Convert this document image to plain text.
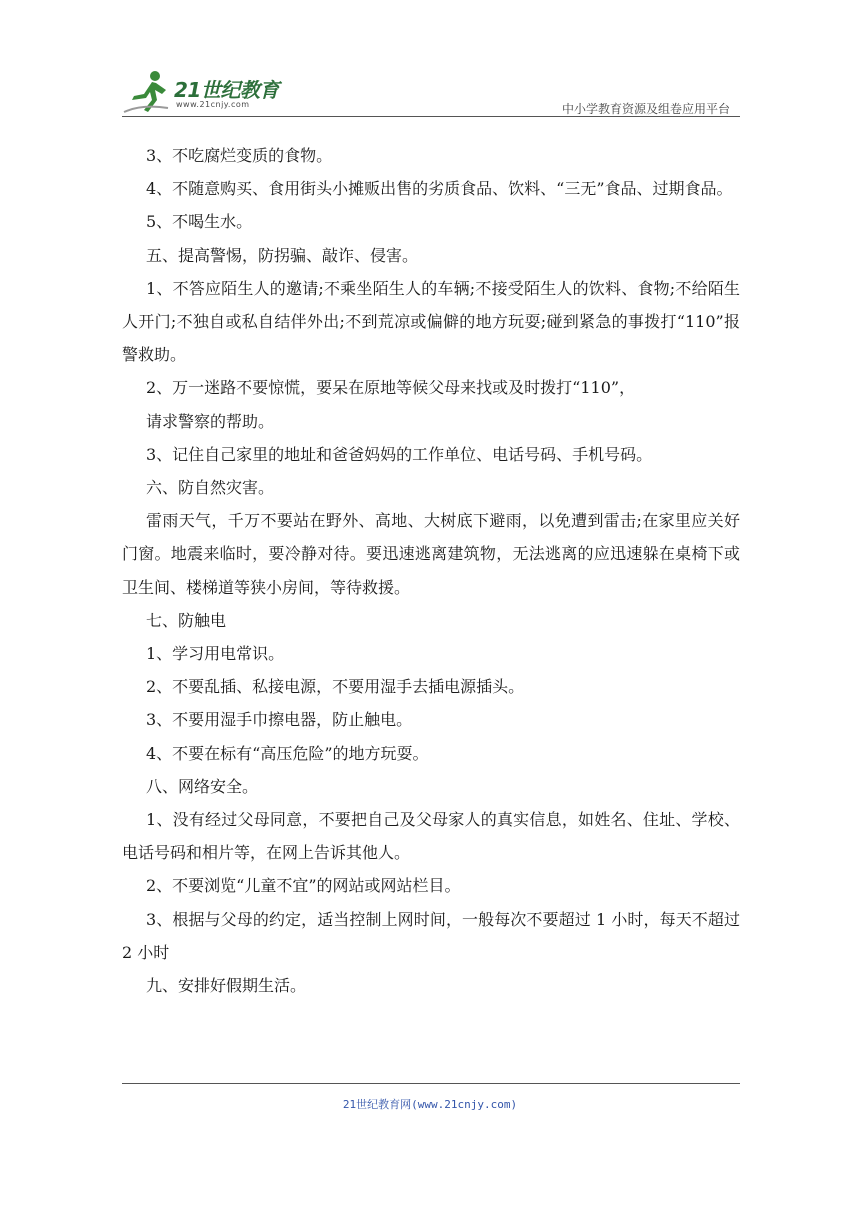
21世纪教育
www.21cnjy.com	中小学教育资源及组卷应用平台

3、不吃腐烂变质的食物。

4、不随意购买、食用街头小摊贩出售的劣质食品、饮料、“三无”食品、过期食品。

5、不喝生水。

五、提高警惕，防拐骗、敲诈、侵害。

1、不答应陌生人的邀请;不乘坐陌生人的车辆;不接受陌生人的饮料、食物;不给陌生人开门;不独自或私自结伴外出;不到荒凉或偏僻的地方玩耍;碰到紧急的事拨打“110”报警救助。

2、万一迷路不要惊慌，要呆在原地等候父母来找或及时拨打“110”，

请求警察的帮助。

3、记住自己家里的地址和爸爸妈妈的工作单位、电话号码、手机号码。

六、防自然灾害。

雷雨天气，千万不要站在野外、高地、大树底下避雨，以免遭到雷击;在家里应关好门窗。地震来临时，要冷静对待。要迅速逃离建筑物，无法逃离的应迅速躲在桌椅下或卫生间、楼梯道等狭小房间，等待救援。

七、防触电

1、学习用电常识。

2、不要乱插、私接电源，不要用湿手去插电源插头。

3、不要用湿手巾擦电器，防止触电。

4、不要在标有“高压危险”的地方玩耍。

八、网络安全。

1、没有经过父母同意，不要把自己及父母家人的真实信息，如姓名、住址、学校、电话号码和相片等，在网上告诉其他人。

2、不要浏览“儿童不宜”的网站或网站栏目。

3、根据与父母的约定，适当控制上网时间，一般每次不要超过 1 小时，每天不超过 2 小时

九、安排好假期生活。

21世纪教育网(www.21cnjy.com)
